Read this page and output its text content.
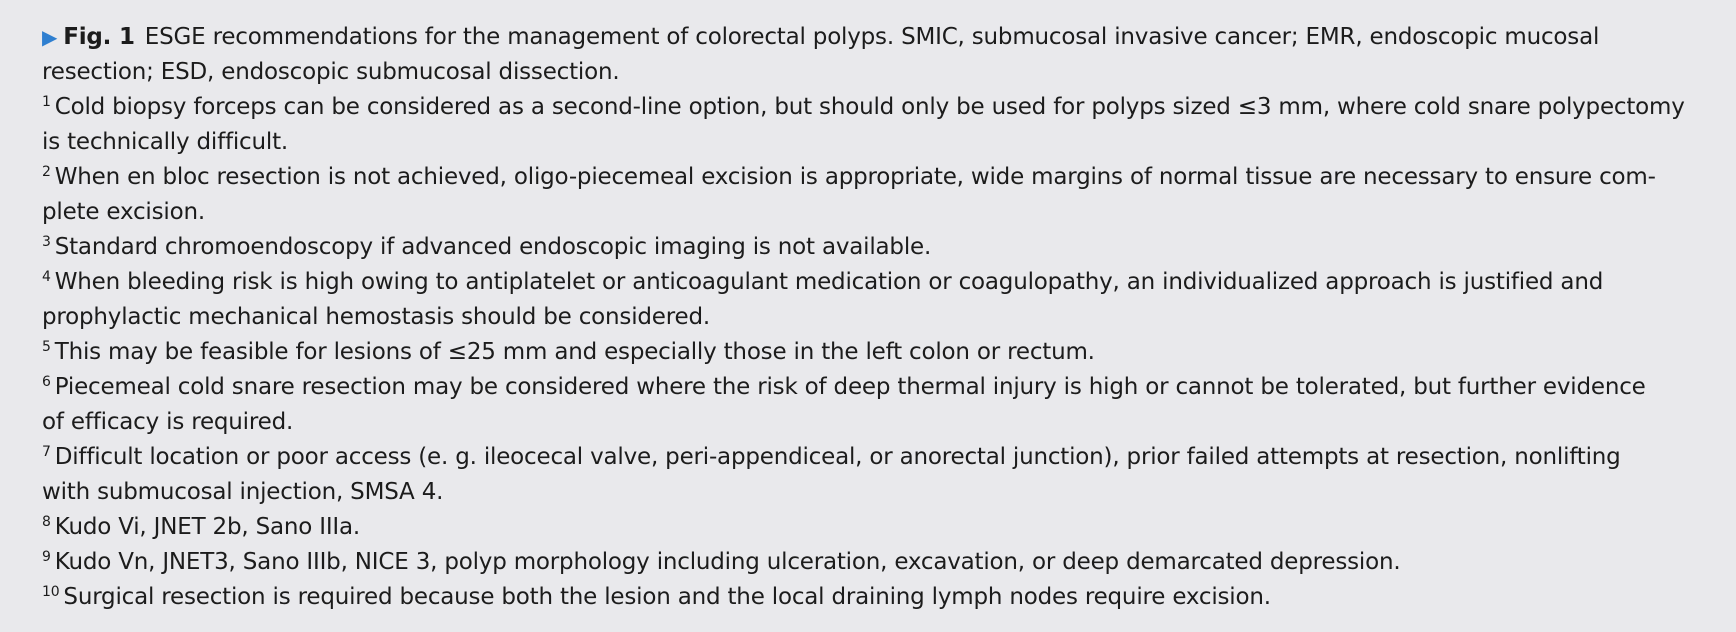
▶ Fig. 1 ESGE recommendations for the management of colorectal polyps. SMIC, submucosal invasive cancer; EMR, endoscopic mucosal
resection; ESD, endoscopic submucosal dissection.
$^1$ Cold biopsy forceps can be considered as a second-line option, but should only be used for polyps sized ≤3 mm, where cold snare polypectomy
is technically difficult.
$^2$ When en bloc resection is not achieved, oligo-piecemeal excision is appropriate, wide margins of normal tissue are necessary to ensure com-
plete excision.
$^3$ Standard chromoendoscopy if advanced endoscopic imaging is not available.
$^4$ When bleeding risk is high owing to antiplatelet or anticoagulant medication or coagulopathy, an individualized approach is justified and
prophylactic mechanical hemostasis should be considered.
$^5$ This may be feasible for lesions of ≤25 mm and especially those in the left colon or rectum.
$^6$ Piecemeal cold snare resection may be considered where the risk of deep thermal injury is high or cannot be tolerated, but further evidence
of efficacy is required.
$^7$ Difficult location or poor access (e. g. ileocecal valve, peri-appendiceal, or anorectal junction), prior failed attempts at resection, nonlifting
with submucosal injection, SMSA 4.
$^8$ Kudo Vi, JNET 2b, Sano IIIa.
$^9$ Kudo Vn, JNET3, Sano IIIb, NICE 3, polyp morphology including ulceration, excavation, or deep demarcated depression.
$^{10}$ Surgical resection is required because both the lesion and the local draining lymph nodes require excision.
